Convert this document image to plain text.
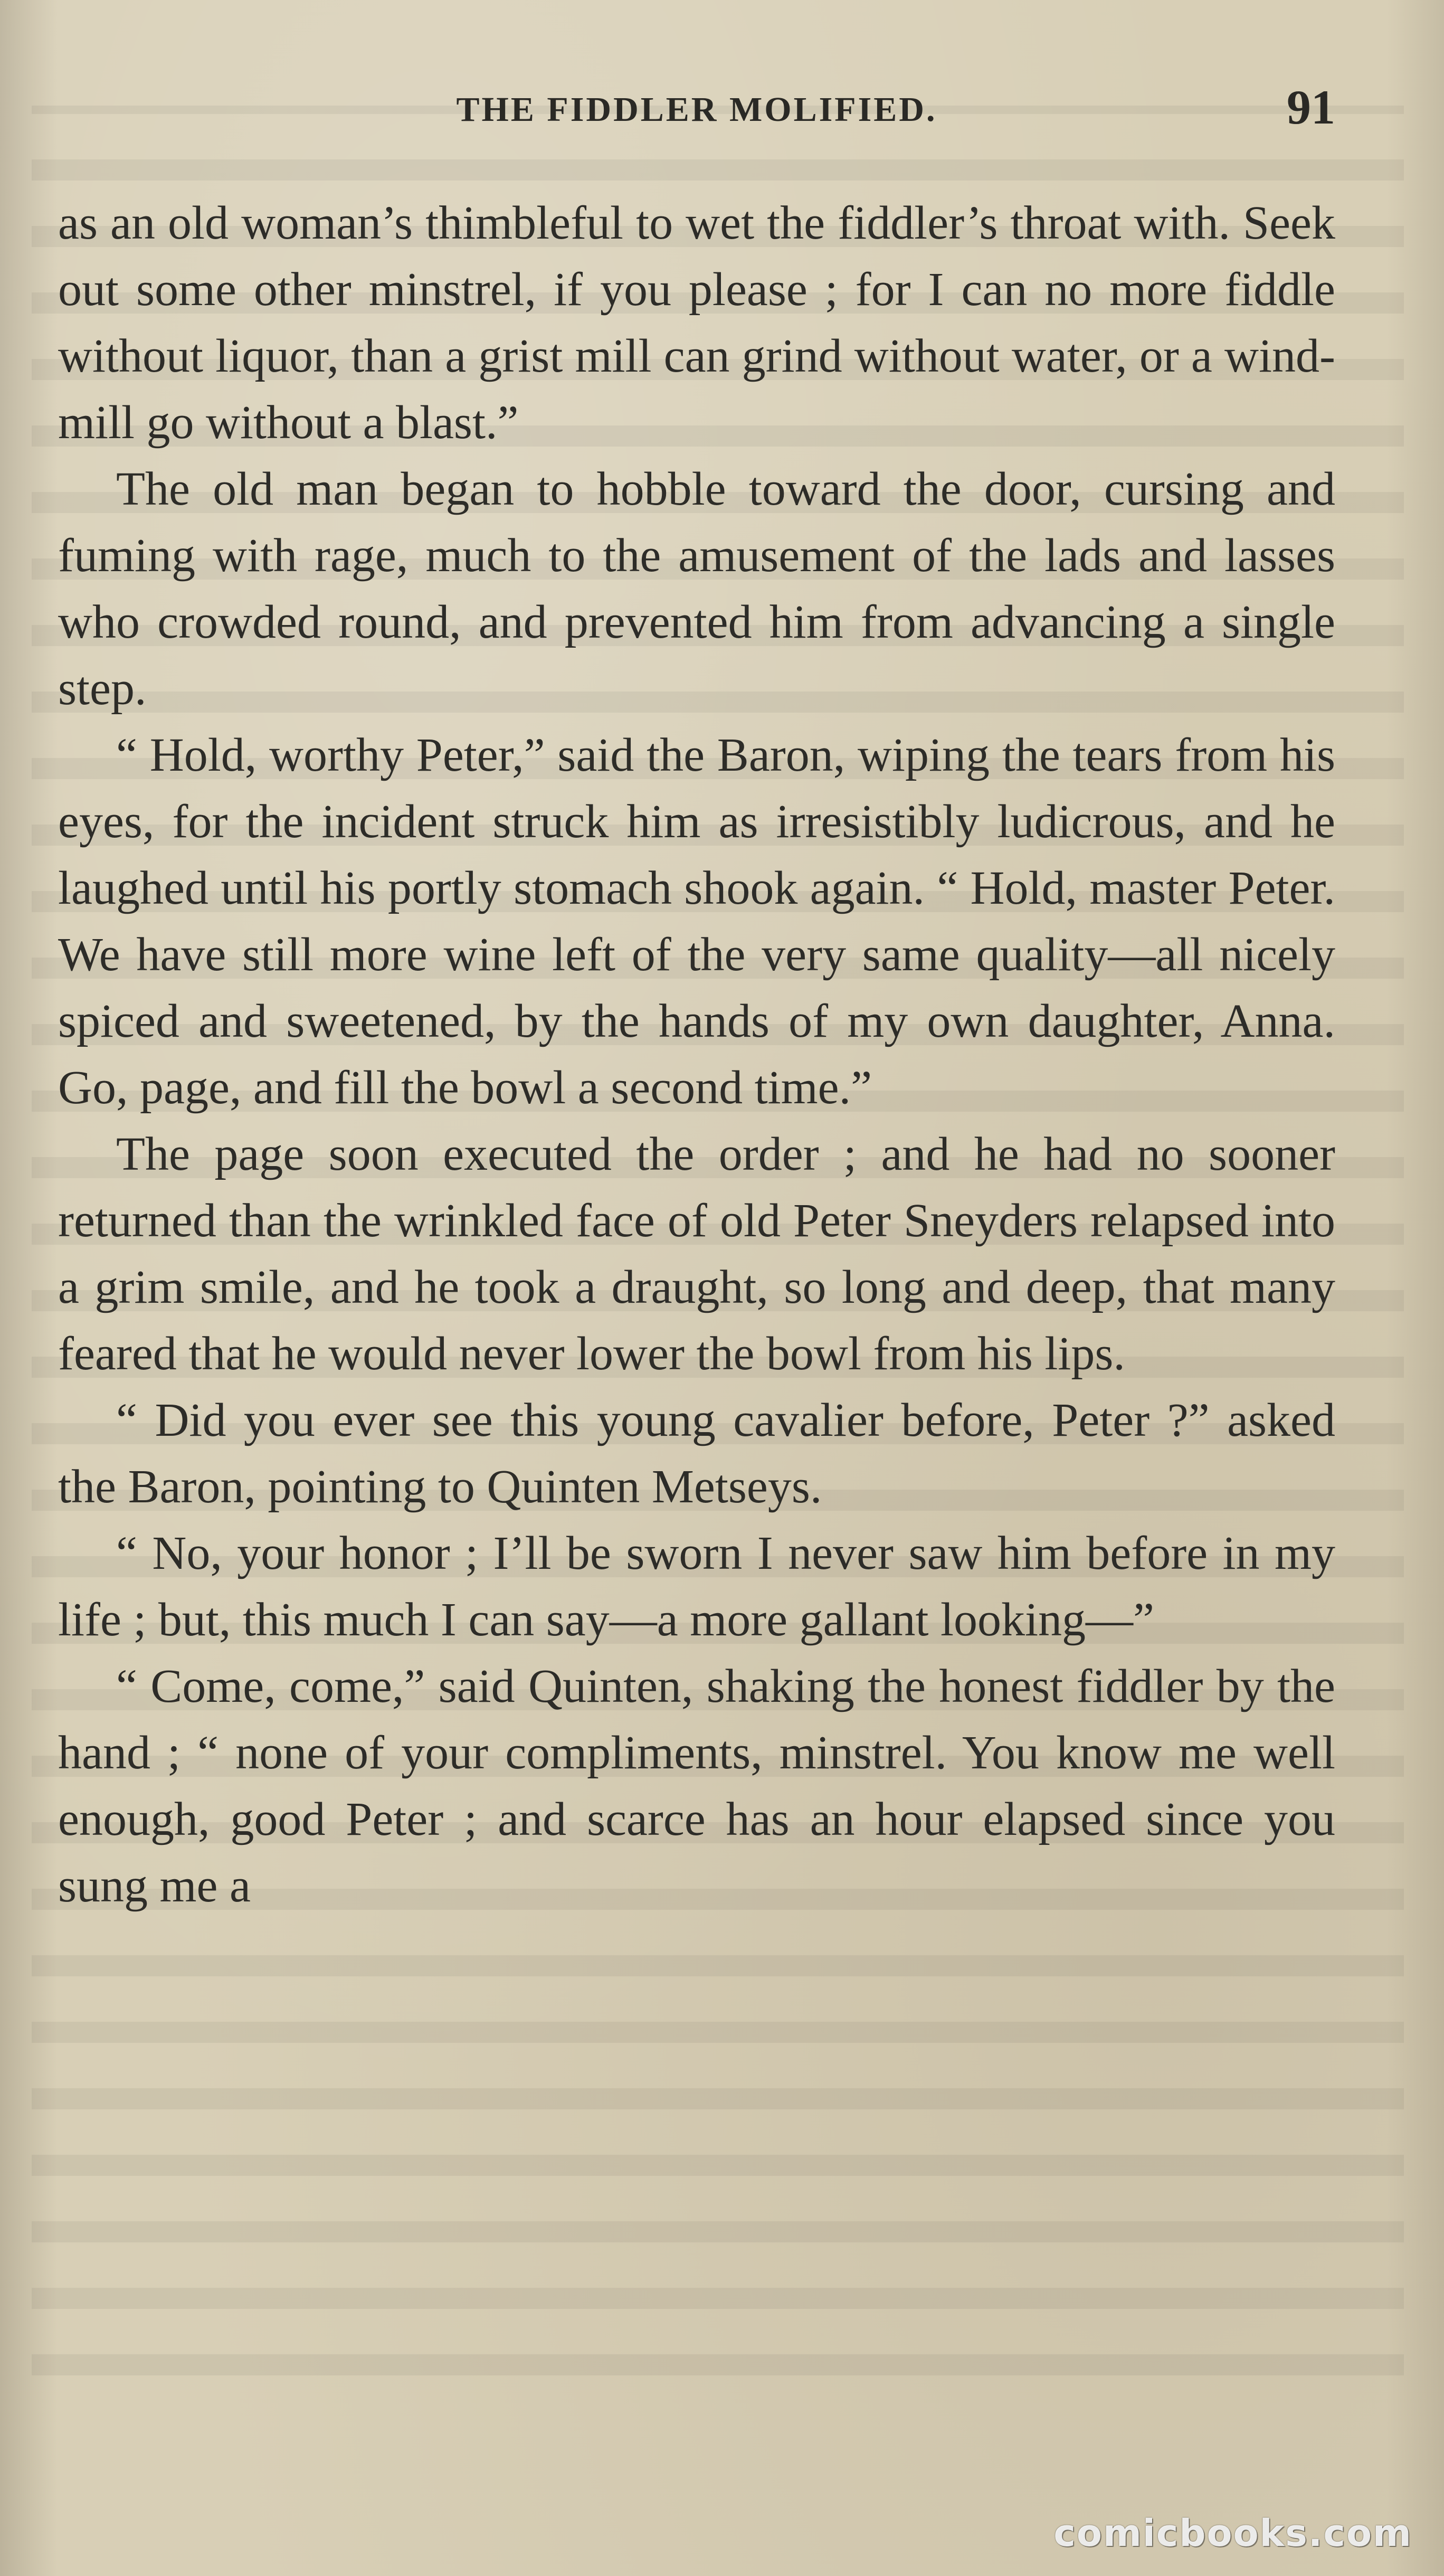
THE FIDDLER MOLIFIED.	91

as an old woman’s thimbleful to wet the fiddler’s throat with. Seek out some other minstrel, if you please ; for I can no more fiddle without liquor, than a grist mill can grind without water, or a wind-mill go without a blast.”

The old man began to hobble toward the door, cursing and fuming with rage, much to the amusement of the lads and lasses who crowded round, and prevented him from advancing a single step.

“ Hold, worthy Peter,” said the Baron, wiping the tears from his eyes, for the incident struck him as irresistibly ludicrous, and he laughed until his portly stomach shook again. “ Hold, master Peter. We have still more wine left of the very same quality—all nicely spiced and sweetened, by the hands of my own daughter, Anna. Go, page, and fill the bowl a second time.”

The page soon executed the order ; and he had no sooner returned than the wrinkled face of old Peter Sneyders relapsed into a grim smile, and he took a draught, so long and deep, that many feared that he would never lower the bowl from his lips.

“ Did you ever see this young cavalier before, Peter ?” asked the Baron, pointing to Quinten Metseys.

“ No, your honor ; I’ll be sworn I never saw him before in my life ; but, this much I can say—a more gallant looking—”

“ Come, come,” said Quinten, shaking the honest fiddler by the hand ; “ none of your compliments, minstrel. You know me well enough, good Peter ; and scarce has an hour elapsed since you sung me a

comicbooks.com
